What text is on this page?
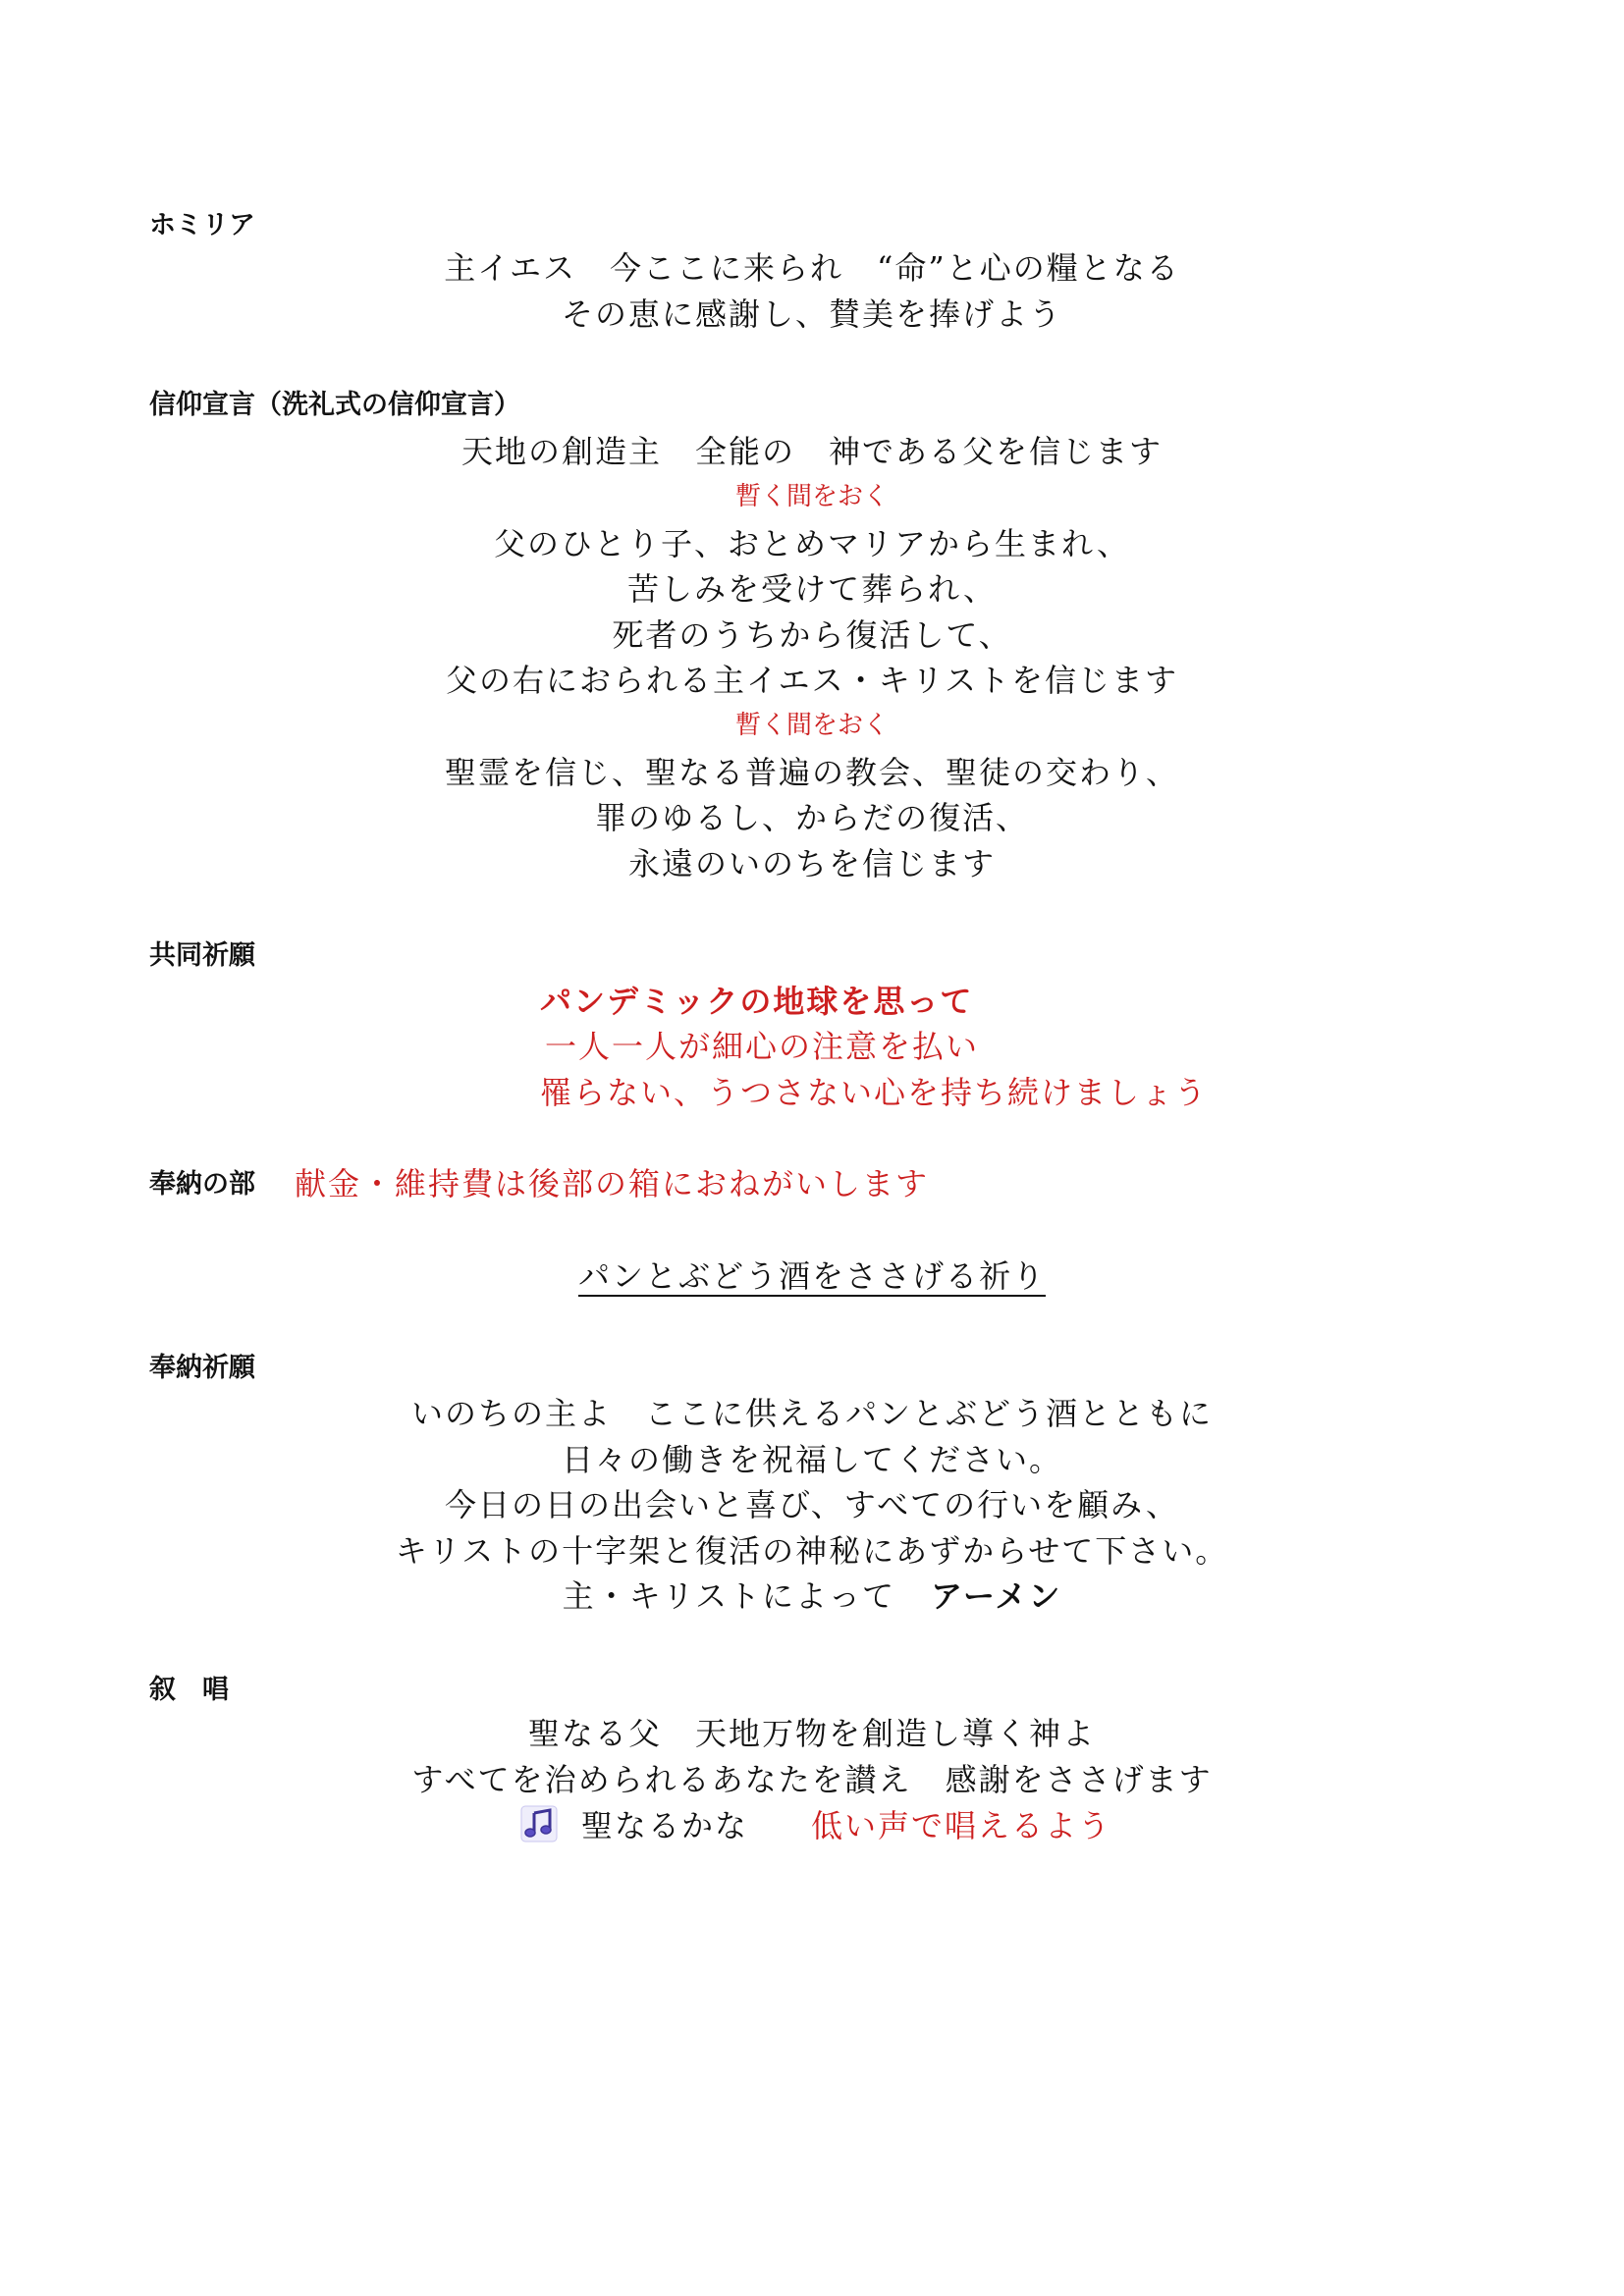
ホミリア
主イエス　今ここに来られ　“命”と心の糧となる
その恵に感謝し、賛美を捧げよう
信仰宣言（洗礼式の信仰宣言）
天地の創造主　全能の　神である父を信じます
暫く間をおく
父のひとり子、おとめマリアから生まれ、
苦しみを受けて葬られ、
死者のうちから復活して、
父の右におられる主イエス・キリストを信じます
暫く間をおく
聖霊を信じ、聖なる普遍の教会、聖徒の交わり、
罪のゆるし、からだの復活、
永遠のいのちを信じます
共同祈願
パンデミックの地球を思って
一人一人が細心の注意を払い
罹らない、うつさない心を持ち続けましょう
奉納の部 献金・維持費は後部の箱におねがいします
パンとぶどう酒をささげる祈り
奉納祈願
いのちの主よ　ここに供えるパンとぶどう酒とともに
日々の働きを祝福してください。
今日の日の出会いと喜び、すべての行いを顧み、
キリストの十字架と復活の神秘にあずからせて下さい。
主・キリストによって アーメン
叙　唱
聖なる父　天地万物を創造し導く神よ
すべてを治められるあなたを讃え　感謝をささげます
聖なるかな 低い声で唱えるよう
